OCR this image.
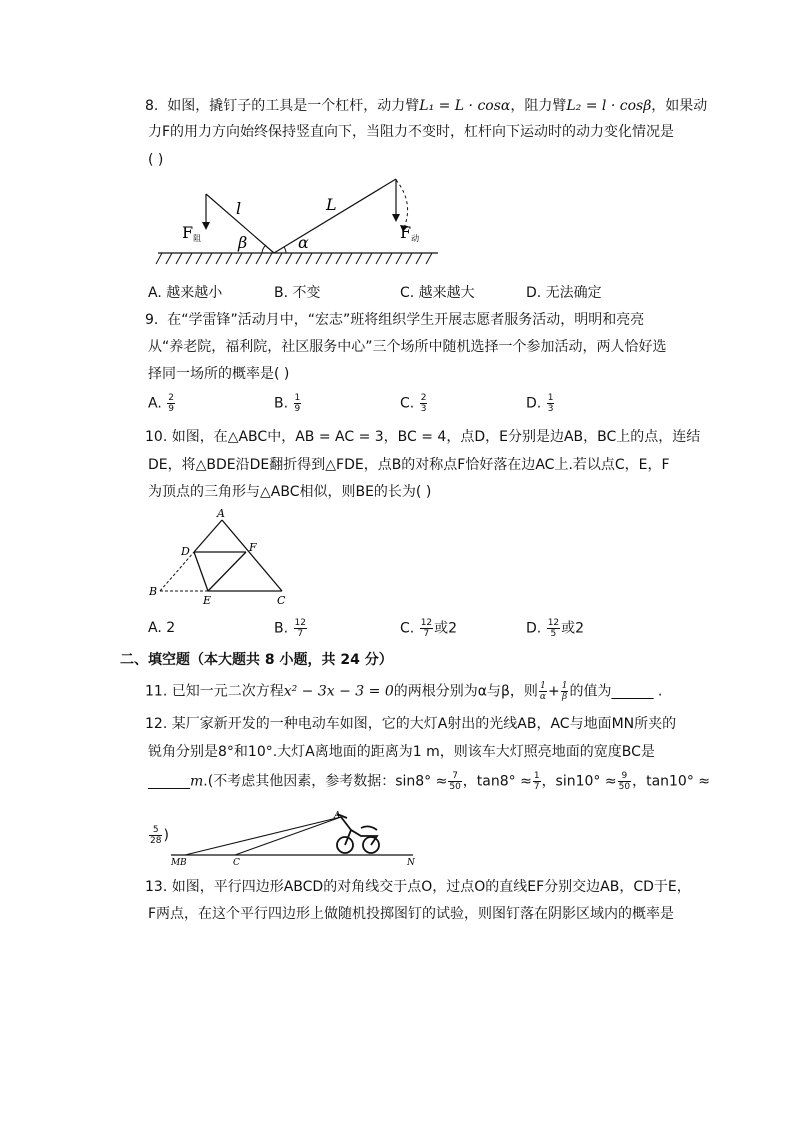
8. 如图，撬钉子的工具是一个杠杆，动力臂L₁ = L · cosα，阻力臂L₂ = l · cosβ，如果动
力F的用力方向始终保持竖直向下，当阻力不变时，杠杆向下运动时的动力变化情况是
( )
F阻
l	L
β	α
F动
A. 越来越小	B. 不变	C. 越来越大	D. 无法确定
9. 在“学雷锋”活动月中，“宏志”班将组织学生开展志愿者服务活动，明明和亮亮
从“养老院，福利院，社区服务中心”三个场所中随机选择一个参加活动，两人恰好选
择同一场所的概率是( )
A. $\frac{2}{9}$	B. $\frac{1}{9}$	C. $\frac{2}{3}$	D. $\frac{1}{3}$
10. 如图，在△ABC中，AB = AC = 3，BC = 4，点D，E分别是边AB，BC上的点，连结
DE，将△BDE沿DE翻折得到△FDE，点B的对称点F恰好落在边AC上.若以点C，E，F
为顶点的三角形与△ABC相似，则BE的长为( )
A
D	F
B
E	C
A. 2	B. $\frac{12}{7}$	C. $\frac{12}{7}$ 或2	D. $\frac{12}{5}$ 或2
二、填空题（本大题共 8 小题，共 24 分）
11. 已知一元二次方程x² − 3x − 3 = 0的两根分别为α与β，则 $\frac{1}{\alpha} + \frac{1}{\beta}$ 的值为______ .
12. 某厂家新开发的一种电动车如图，它的大灯A射出的光线AB，AC与地面MN所夹的
锐角分别是8°和10°.大灯A离地面的距离为1 m，则该车大灯照亮地面的宽度BC是
______m.(不考虑其他因素，参考数据：$\sin 8^\circ \approx \frac{7}{50}$ ，$\tan 8^\circ \approx \frac{1}{7}$ ，$\sin 10^\circ \approx \frac{9}{50}$ ，tan10° ≈
$\frac{5}{28}$ )
A
M B	C	N
13. 如图，平行四边形ABCD的对角线交于点O，过点O的直线EF分别交边AB，CD于E，
F两点，在这个平行四边形上做随机投掷图钉的试验，则图钉落在阴影区域内的概率是
